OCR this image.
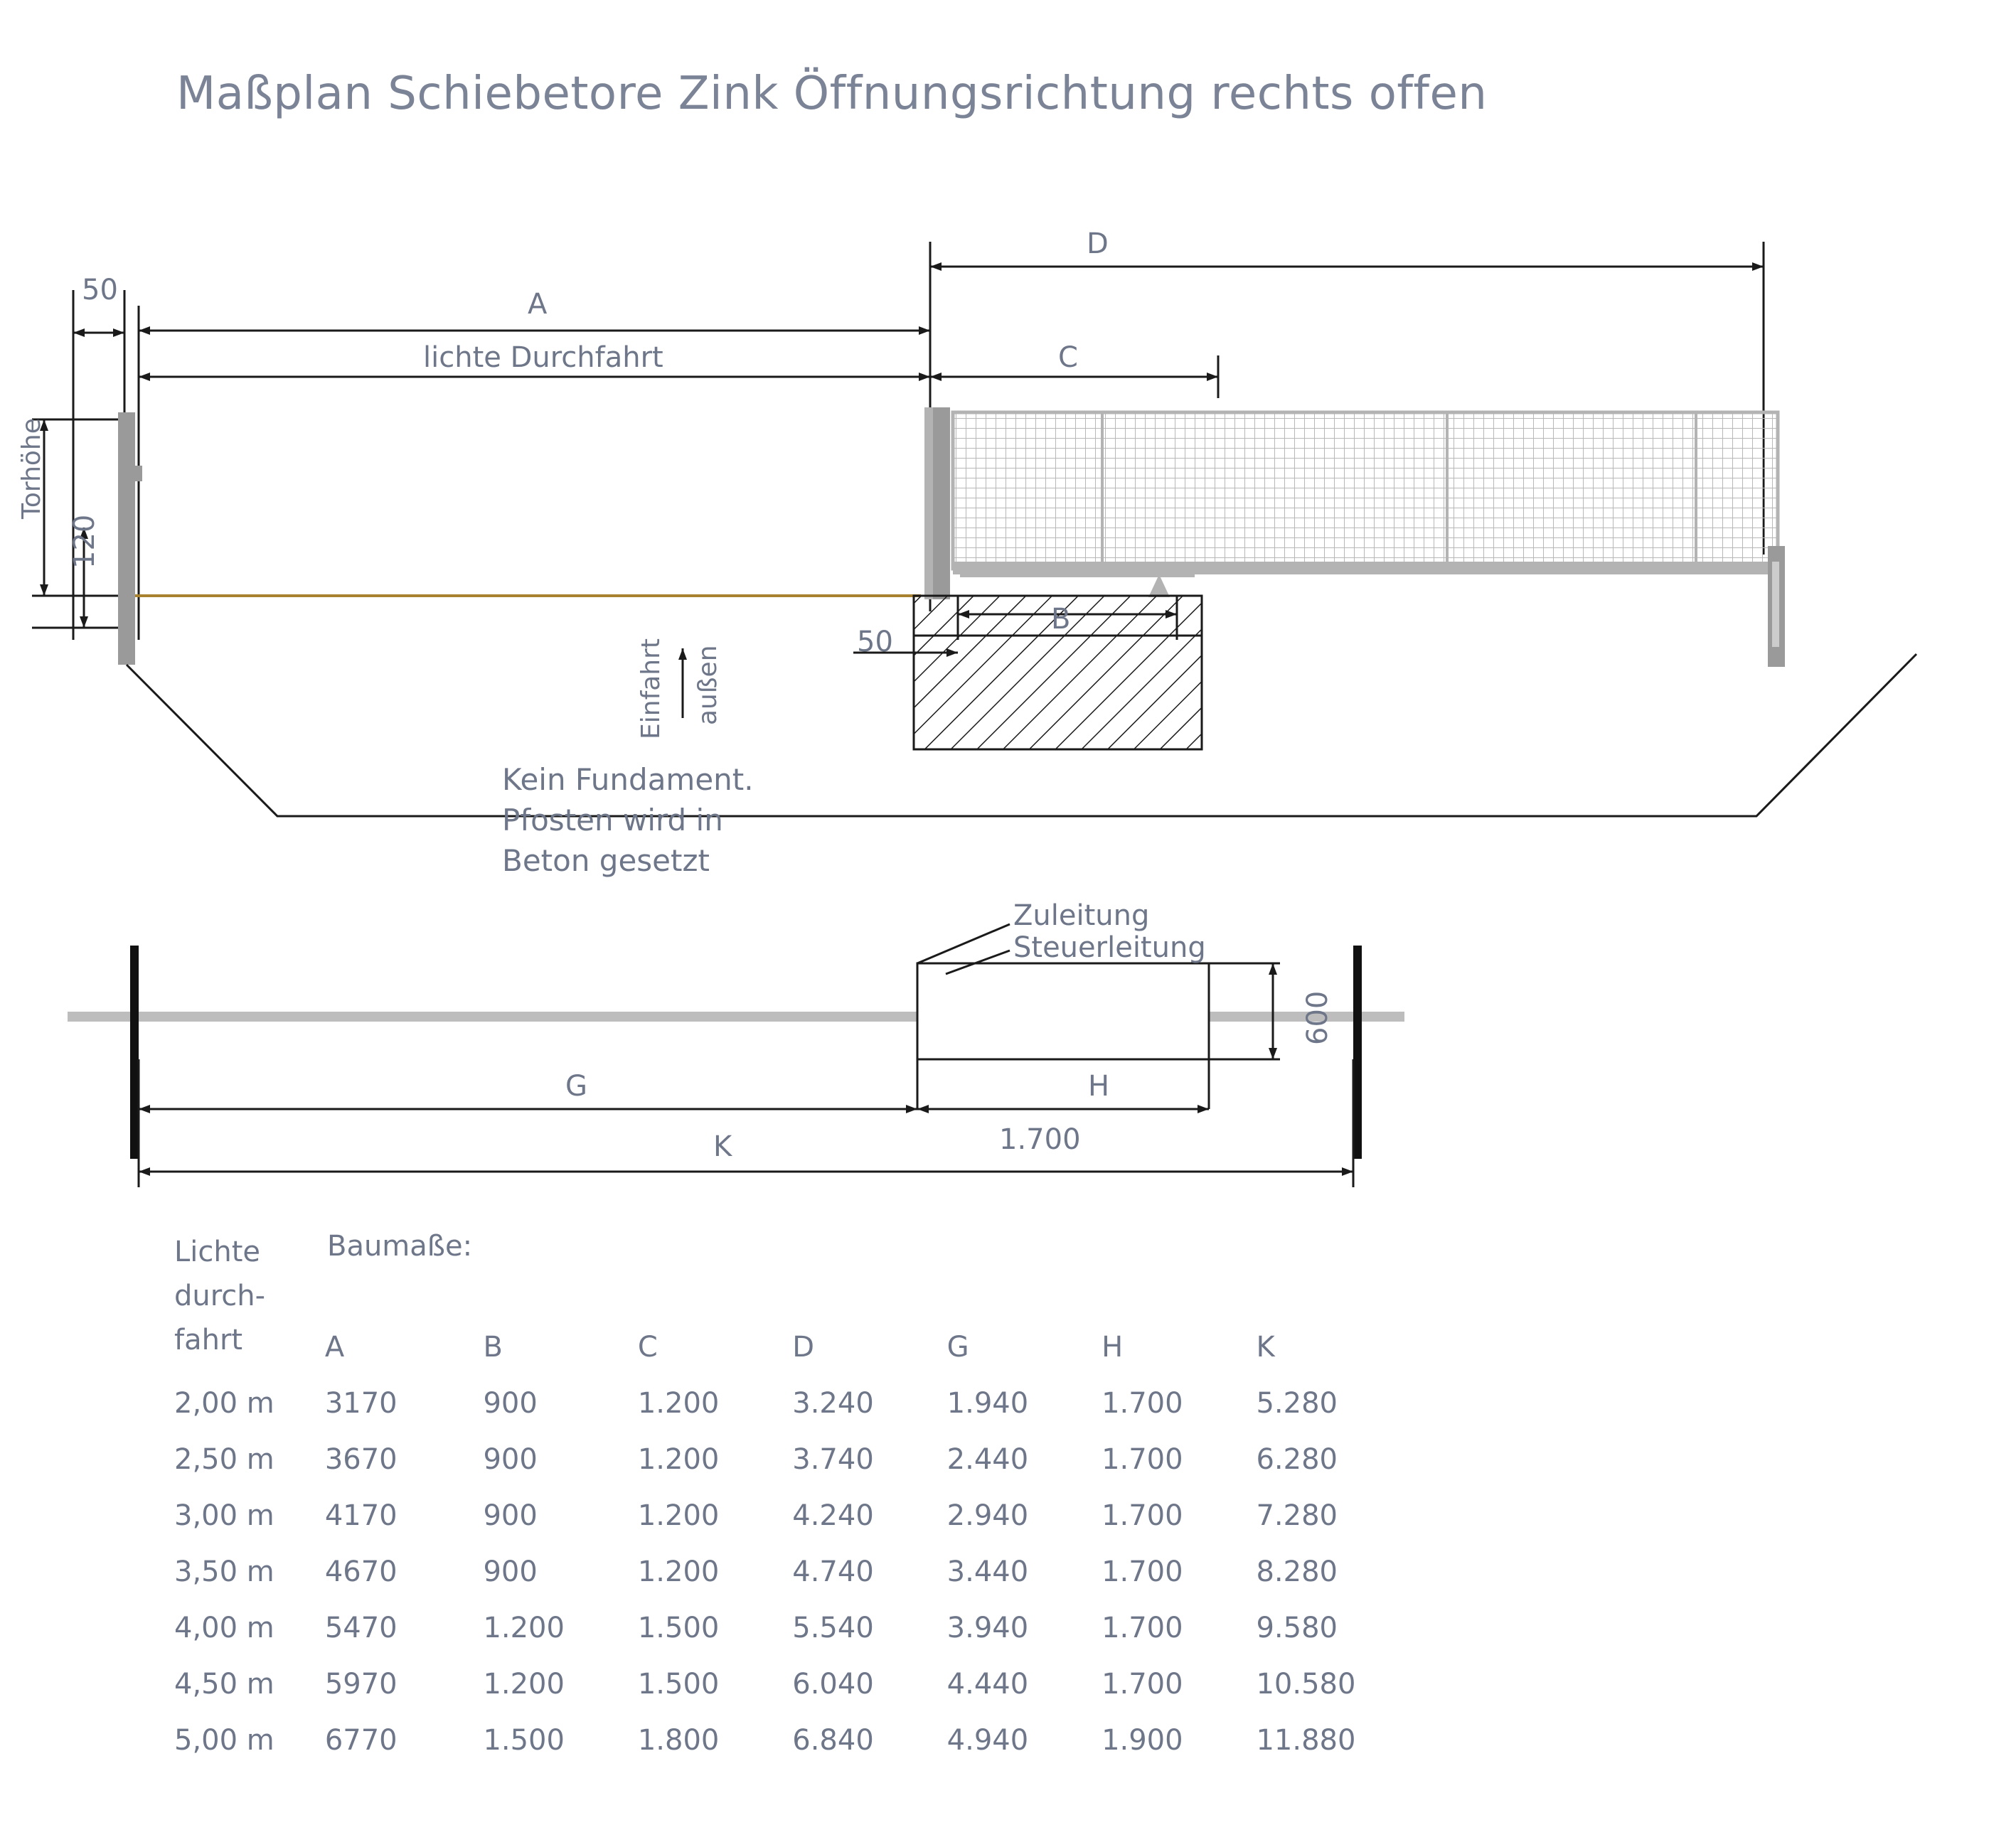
Maßplan Schiebetore Zink Öffnungsrichtung rechts offen
50	A
lichte Durchfahrt	C
D
B
50
Torhöhe
120
Einfahrt außen
Kein Fundament.
Pfosten wird in
Beton gesetzt
Zuleitung
Steuerleitung
600
G	H
1.700
K
Lichte
durch-
fahrt
Baumaße:
	A	B	C	D	G	H	K
2,00 m	3170	900	1.200	3.240	1.940	1.700	5.280
2,50 m	3670	900	1.200	3.740	2.440	1.700	6.280
3,00 m	4170	900	1.200	4.240	2.940	1.700	7.280
3,50 m	4670	900	1.200	4.740	3.440	1.700	8.280
4,00 m	5470	1.200	1.500	5.540	3.940	1.700	9.580
4,50 m	5970	1.200	1.500	6.040	4.440	1.700	10.580
5,00 m	6770	1.500	1.800	6.840	4.940	1.900	11.880
